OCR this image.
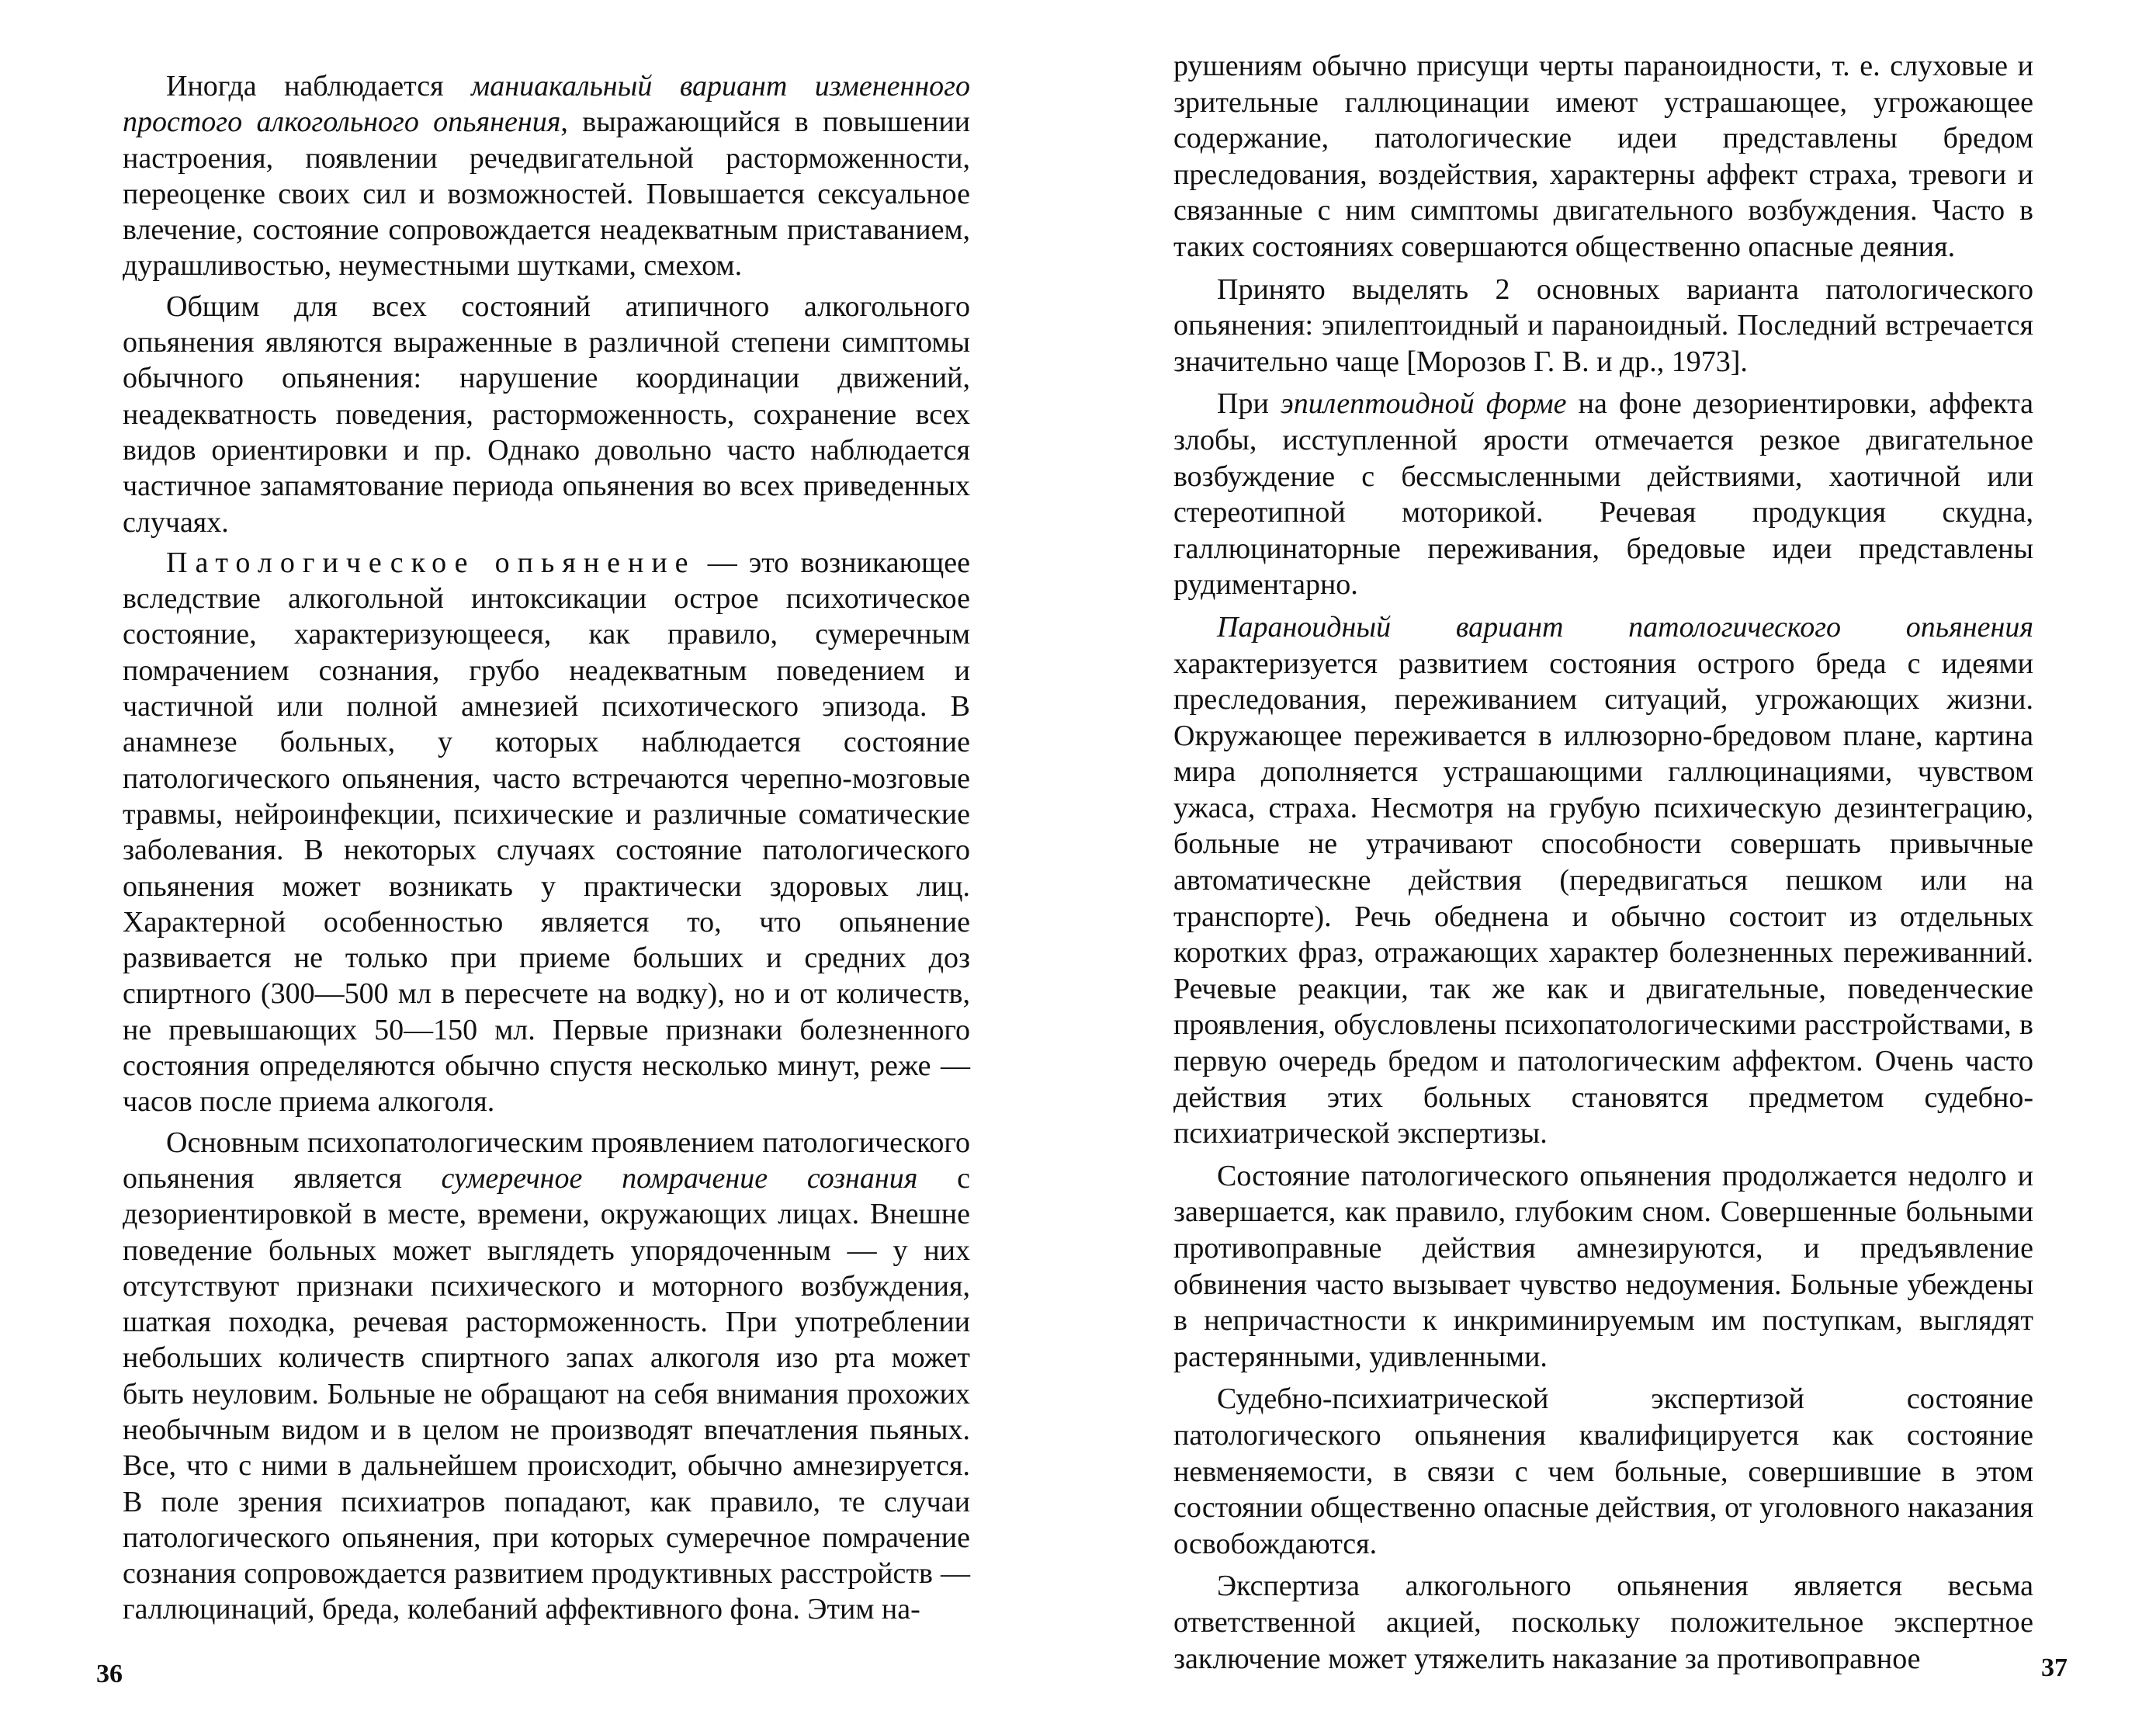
Иногда наблюдается маниакальный вариант измененного простого алкогольного опьянения, выражающийся в повышении настроения, появлении речедвигательной расторможенности, переоценке своих сил и возможностей. Повышается сексуальное влечение, состояние сопровождается неадекватным приставанием, дурашливостью, неуместными шутками, смехом.

Общим для всех состояний атипичного алкогольного опьянения являются выраженные в различной степени симптомы обычного опьянения: нарушение координации движений, неадекватность поведения, расторможенность, сохранение всех видов ориентировки и пр. Однако довольно часто наблюдается частичное запамятование периода опьянения во всех приведенных случаях.

Патологическое опьянение — это возникающее вследствие алкогольной интоксикации острое психотическое состояние, характеризующееся, как правило, сумеречным помрачением сознания, грубо неадекватным поведением и частичной или полной амнезией психотического эпизода. В анамнезе больных, у которых наблюдается состояние патологического опьянения, часто встречаются черепно-мозговые травмы, нейроинфекции, психические и различные соматические заболевания. В некоторых случаях состояние патологического опьянения может возникать у практически здоровых лиц. Характерной особенностью является то, что опьянение развивается не только при приеме больших и средних доз спиртного (300—500 мл в пересчете на водку), но и от количеств, не превышающих 50—150 мл. Первые признаки болезненного состояния определяются обычно спустя несколько минут, реже — часов после приема алкоголя.

Основным психопатологическим проявлением патологического опьянения является сумеречное помрачение сознания с дезориентировкой в месте, времени, окружающих лицах. Внешне поведение больных может выглядеть упорядоченным — у них отсутствуют признаки психического и моторного возбуждения, шаткая походка, речевая расторможенность. При употреблении небольших количеств спиртного запах алкоголя изо рта может быть неуловим. Больные не обращают на себя внимания прохожих необычным видом и в целом не производят впечатления пьяных. Все, что с ними в дальнейшем происходит, обычно амнезируется. В поле зрения психиатров попадают, как правило, те случаи патологического опьянения, при которых сумеречное помрачение сознания сопровождается развитием продуктивных расстройств — галлюцинаций, бреда, колебаний аффективного фона. Этим на-

36

рушениям обычно присущи черты параноидности, т. е. слуховые и зрительные галлюцинации имеют устрашающее, угрожающее содержание, патологические идеи представлены бредом преследования, воздействия, характерны аффект страха, тревоги и связанные с ним симптомы двигательного возбуждения. Часто в таких состояниях совершаются общественно опасные деяния.

Принято выделять 2 основных варианта патологического опьянения: эпилептоидный и параноидный. Последний встречается значительно чаще [Морозов Г. В. и др., 1973].

При эпилептоидной форме на фоне дезориентировки, аффекта злобы, исступленной ярости отмечается резкое двигательное возбуждение с бессмысленными действиями, хаотичной или стереотипной моторикой. Речевая продукция скудна, галлюцинаторные переживания, бредовые идеи представлены рудиментарно.

Параноидный вариант патологического опьянения характеризуется развитием состояния острого бреда с идеями преследования, переживанием ситуаций, угрожающих жизни. Окружающее переживается в иллюзорно-бредовом плане, картина мира дополняется устрашающими галлюцинациями, чувством ужаса, страха. Несмотря на грубую психическую дезинтеграцию, больные не утрачивают способности совершать привычные автоматическне действия (передвигаться пешком или на транспорте). Речь обеднена и обычно состоит из отдельных коротких фраз, отражающих характер болезненных переживанний. Речевые реакции, так же как и двигательные, поведенческие проявления, обусловлены психопатологическими расстройствами, в первую очередь бредом и патологическим аффектом. Очень часто действия этих больных становятся предметом судебно-психиатрической экспертизы.

Состояние патологического опьянения продолжается недолго и завершается, как правило, глубоким сном. Совершенные больными противоправные действия амнезируются, и предъявление обвинения часто вызывает чувство недоумения. Больные убеждены в непричастности к инкриминируемым им поступкам, выглядят растерянными, удивленными.

Судебно-психиатрической экспертизой состояние патологического опьянения квалифицируется как состояние невменяемости, в связи с чем больные, совершившие в этом состоянии общественно опасные действия, от уголовного наказания освобождаются.

Экспертиза алкогольного опьянения является весьма ответственной акцией, поскольку положительное экспертное заключение может утяжелить наказание за противоправное	37
